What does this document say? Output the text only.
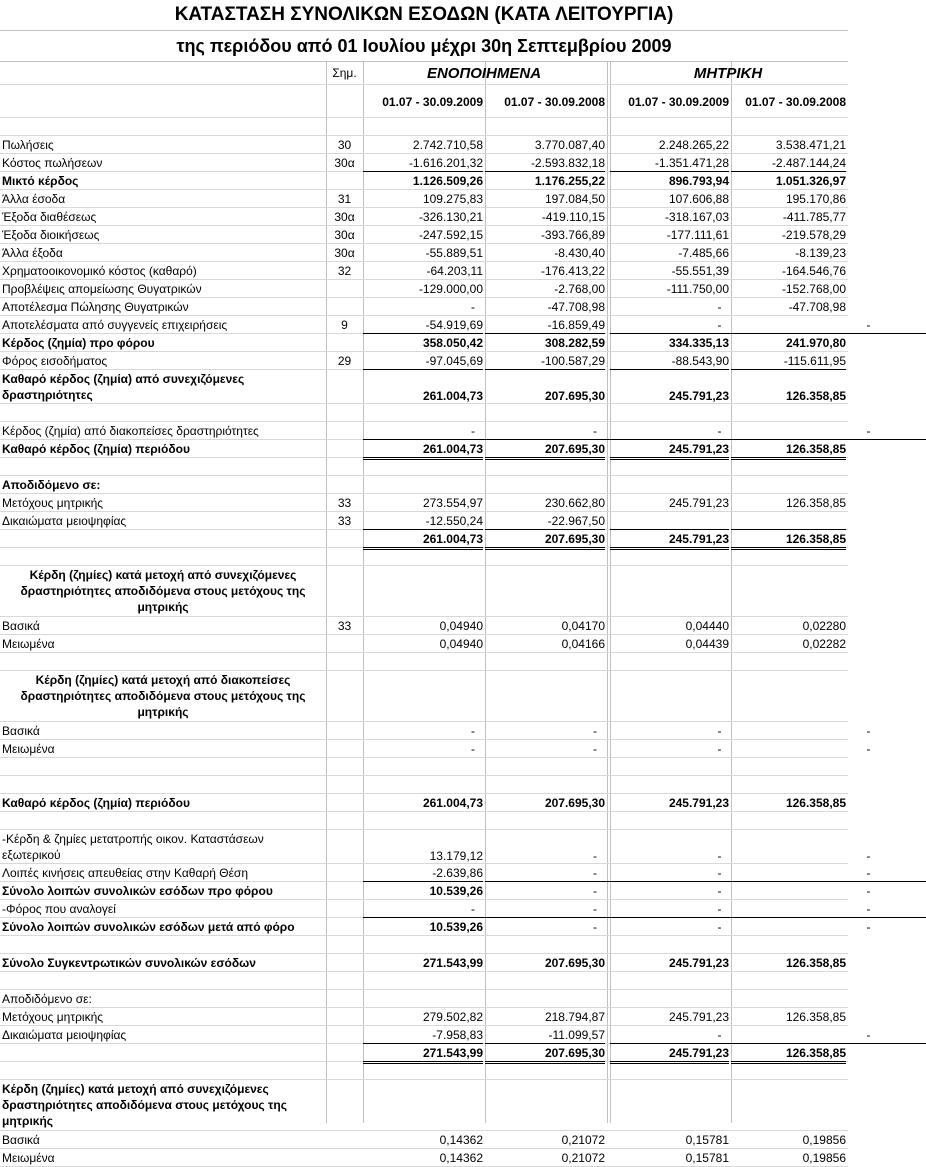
ΚΑΤΑΣΤΑΣΗ ΣΥΝΟΛΙΚΩΝ ΕΣΟΔΩΝ (ΚΑΤΑ ΛΕΙΤΟΥΡΓΙΑ)
της περιόδου από 01 Ιουλίου μέχρι 30η Σεπτεμβρίου 2009
Σημ.	ΕΝΟΠΟΙΗΜΕΝΑ	ΜΗΤΡΙΚΗ
01.07 - 30.09.2009	01.07 - 30.09.2008	01.07 - 30.09.2009	01.07 - 30.09.2008
Πωλήσεις	30	2.742.710,58	3.770.087,40	2.248.265,22	3.538.471,21
Κόστος πωλήσεων	30α	-1.616.201,32	-2.593.832,18	-1.351.471,28	-2.487.144,24
Μικτό κέρδος	1.126.509,26	1.176.255,22	896.793,94	1.051.326,97
Άλλα έσοδα	31	109.275,83	197.084,50	107.606,88	195.170,86
Έξοδα διαθέσεως	30α	-326.130,21	-419.110,15	-318.167,03	-411.785,77
Έξοδα διοικήσεως	30α	-247.592,15	-393.766,89	-177.111,61	-219.578,29
Άλλα έξοδα	30α	-55.889,51	-8.430,40	-7.485,66	-8.139,23
Χρηματοοικονομικό κόστος (καθαρό)	32	-64.203,11	-176.413,22	-55.551,39	-164.546,76
Προβλέψεις απομείωσης Θυγατρικών	-129.000,00	-2.768,00	-111.750,00	-152.768,00
Αποτέλεσμα Πώλησης Θυγατρικών	-	-47.708,98	-	-47.708,98
Αποτελέσματα από συγγενείς επιχειρήσεις	9	-54.919,69	-16.859,49	-	-
Κέρδος (ζημία) προ φόρου	358.050,42	308.282,59	334.335,13	241.970,80
Φόρος εισοδήματος	29	-97.045,69	-100.587,29	-88.543,90	-115.611,95
Καθαρό κέρδος (ζημία) από συνεχιζόμενες δραστηριότητες	261.004,73	207.695,30	245.791,23	126.358,85
Κέρδος (ζημία) από διακοπείσες δραστηριότητες	-	-	-	-
Καθαρό κέρδος (ζημία) περιόδου	261.004,73	207.695,30	245.791,23	126.358,85
Αποδιδόμενο σε:
Μετόχους μητρικής	33	273.554,97	230.662,80	245.791,23	126.358,85
Δικαιώματα μειοψηφίας	33	-12.550,24	-22.967,50
261.004,73	207.695,30	245.791,23	126.358,85
Κέρδη (ζημίες) κατά μετοχή από συνεχιζόμενες δραστηριότητες αποδιδόμενα στους μετόχους της μητρικής
Βασικά	33	0,04940	0,04170	0,04440	0,02280
Μειωμένα	0,04940	0,04166	0,04439	0,02282
Κέρδη (ζημίες) κατά μετοχή από διακοπείσες δραστηριότητες αποδιδόμενα στους μετόχους της μητρικής
Βασικά	-	-	-	-
Μειωμένα	-	-	-	-
Καθαρό κέρδος (ζημία) περιόδου	261.004,73	207.695,30	245.791,23	126.358,85
-Κέρδη & ζημίες μετατροπής οικον. Καταστάσεων εξωτερικού	13.179,12	-	-	-
Λοιπές κινήσεις απευθείας στην Καθαρή Θέση	-2.639,86	-	-	-
Σύνολο λοιπών συνολικών εσόδων προ φόρου	10.539,26	-	-	-
-Φόρος που αναλογεί	-	-	-	-
Σύνολο λοιπών συνολικών εσόδων μετά από φόρο	10.539,26	-	-	-
Σύνολο Συγκεντρωτικών συνολικών εσόδων	271.543,99	207.695,30	245.791,23	126.358,85
Αποδιδόμενο σε:
Μετόχους μητρικής	279.502,82	218.794,87	245.791,23	126.358,85
Δικαιώματα μειοψηφίας	-7.958,83	-11.099,57	-	-
271.543,99	207.695,30	245.791,23	126.358,85
Κέρδη (ζημίες) κατά μετοχή από συνεχιζόμενες δραστηριότητες αποδιδόμενα στους μετόχους της μητρικής
Βασικά	0,14362	0,21072	0,15781	0,19856
Μειωμένα	0,14362	0,21072	0,15781	0,19856
